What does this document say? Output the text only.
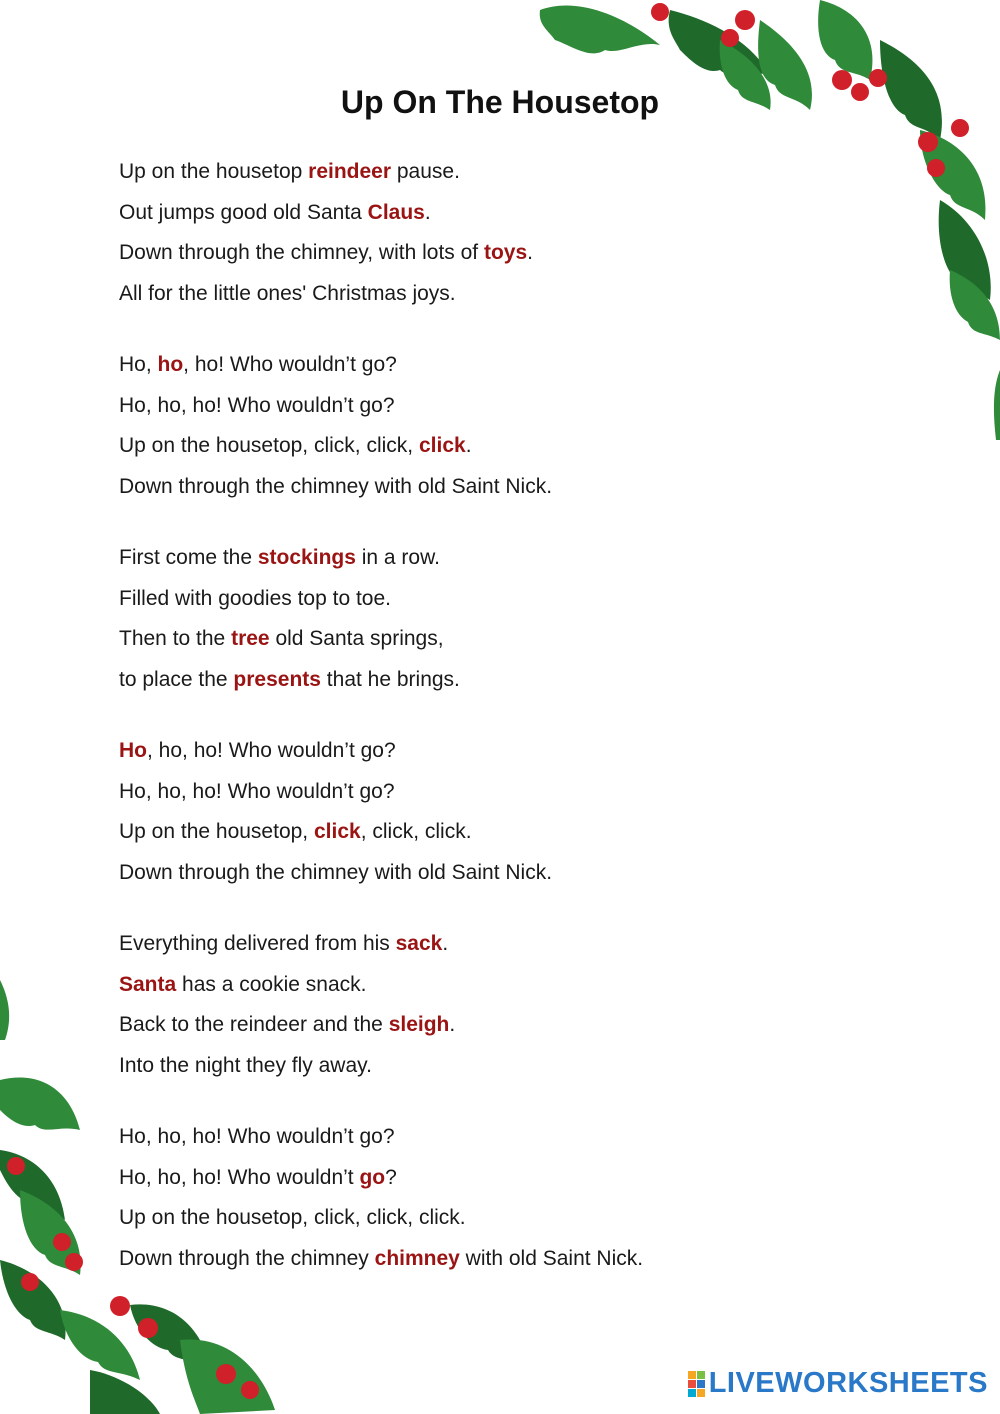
Up On The Housetop
Up on the housetop reindeer pause.
Out jumps good old Santa Claus.
Down through the chimney, with lots of toys.
All for the little ones' Christmas joys.
Ho, ho, ho! Who wouldn’t go?
Ho, ho, ho! Who wouldn’t go?
Up on the housetop, click, click, click.
Down through the chimney with old Saint Nick.
First come the stockings in a row.
Filled with goodies top to toe.
Then to the tree old Santa springs,
to place the presents that he brings.
Ho, ho, ho! Who wouldn’t go?
Ho, ho, ho! Who wouldn’t go?
Up on the housetop, click, click, click.
Down through the chimney with old Saint Nick.
Everything delivered from his sack.
Santa has a cookie snack.
Back to the reindeer and the sleigh.
Into the night they fly away.
Ho, ho, ho! Who wouldn’t go?
Ho, ho, ho! Who wouldn’t go?
Up on the housetop, click, click, click.
Down through the chimney chimney with old Saint Nick.
LIVEWORKSHEETS
